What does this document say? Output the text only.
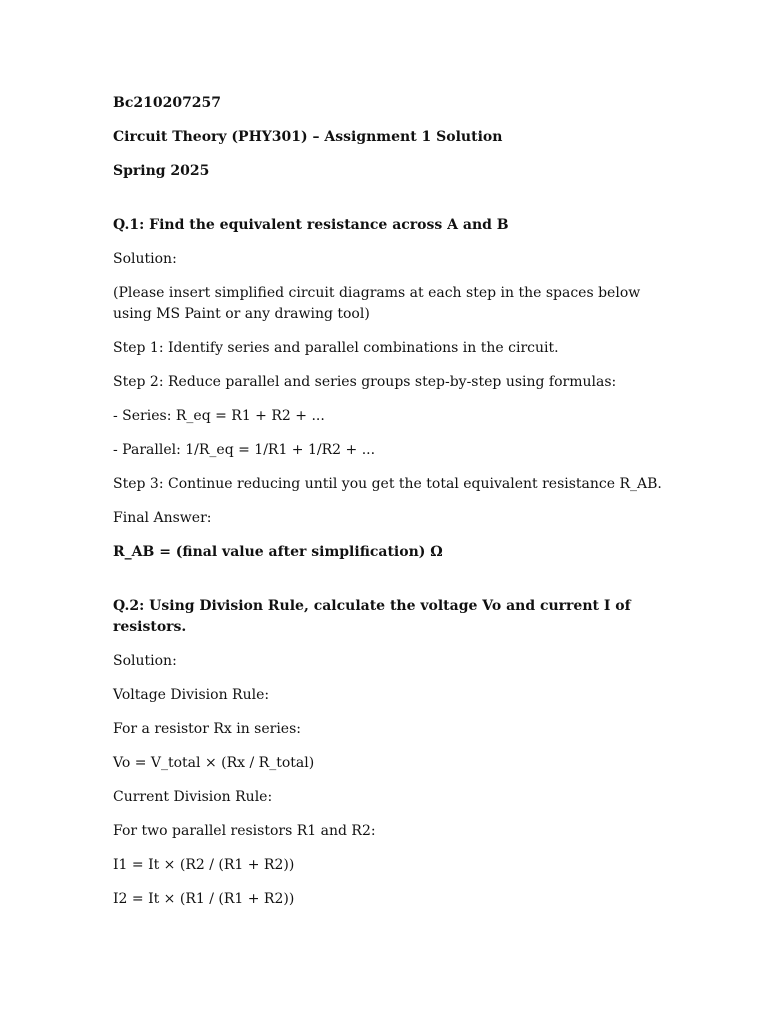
Bc210207257

Circuit Theory (PHY301) – Assignment 1 Solution

Spring 2025

Q.1: Find the equivalent resistance across A and B

Solution:

(Please insert simplified circuit diagrams at each step in the spaces below using MS Paint or any drawing tool)

Step 1: Identify series and parallel combinations in the circuit.

Step 2: Reduce parallel and series groups step-by-step using formulas:

- Series: R_eq = R1 + R2 + ...

- Parallel: 1/R_eq = 1/R1 + 1/R2 + ...

Step 3: Continue reducing until you get the total equivalent resistance R_AB.

Final Answer:

R_AB = (final value after simplification) Ω

Q.2: Using Division Rule, calculate the voltage Vo and current I of resistors.

Solution:

Voltage Division Rule:

For a resistor Rx in series:

Vo = V_total × (Rx / R_total)

Current Division Rule:

For two parallel resistors R1 and R2:

I1 = It × (R2 / (R1 + R2))

I2 = It × (R1 / (R1 + R2))
